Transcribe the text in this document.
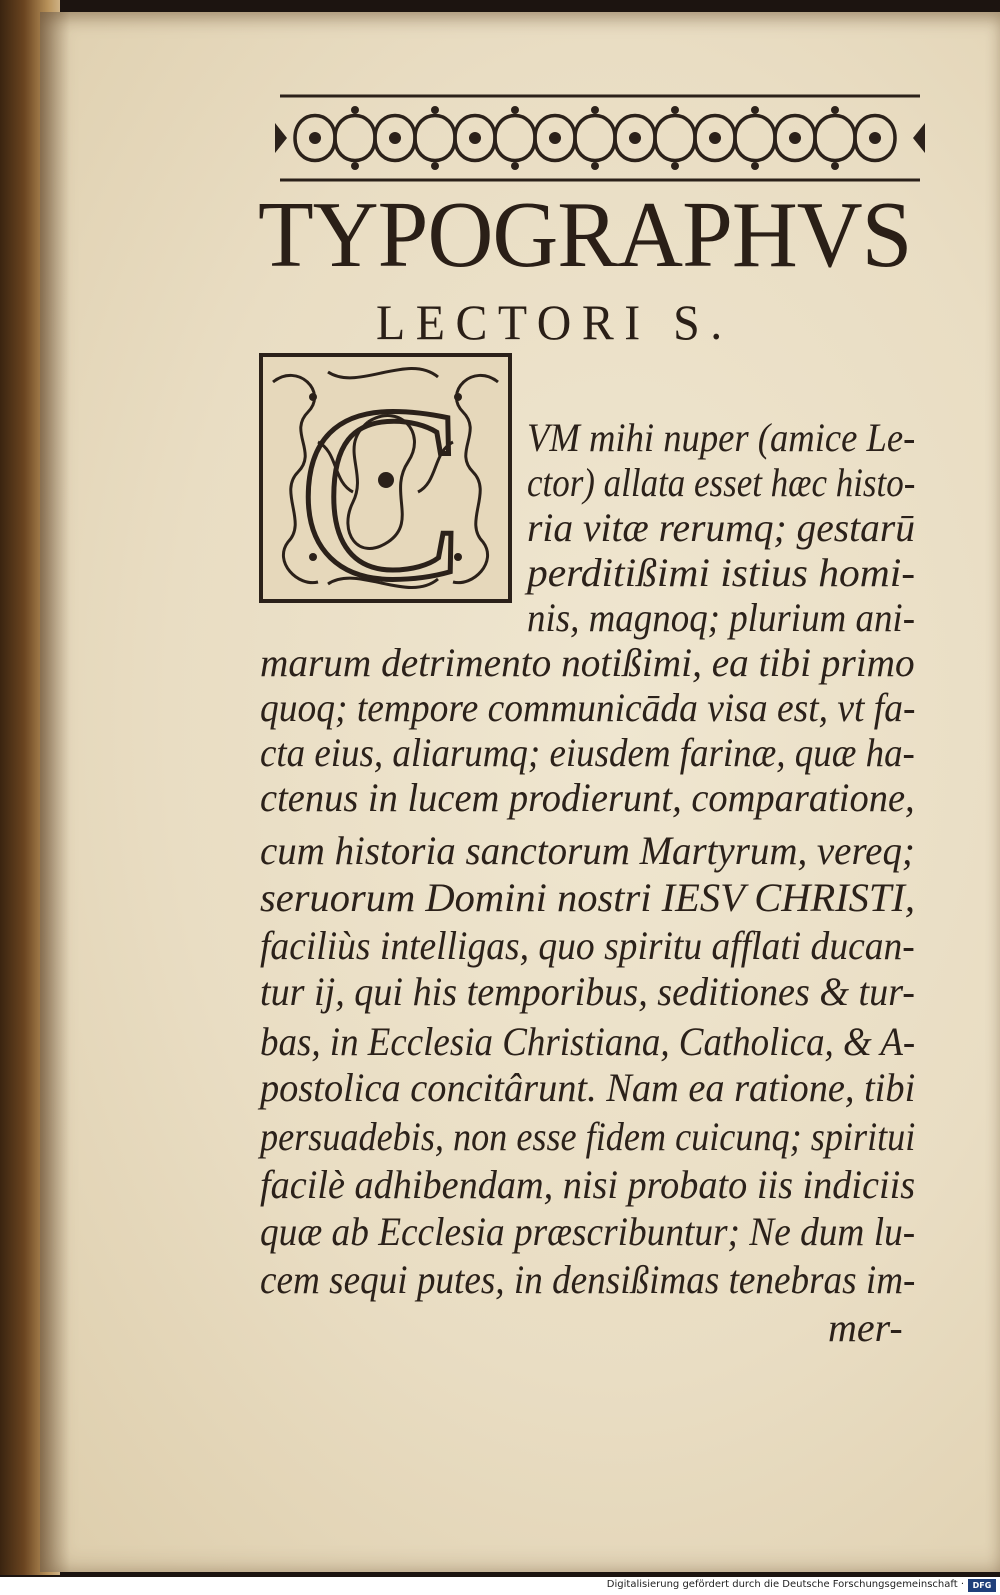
TYPOGRAPHVS
LECTORI S.
C VM mihi nuper (amice Le-
ctor) allata esset hæc histo-
ria vitæ rerumq; gestarū
perditißimi istius homi-
nis, magnoq; plurium ani-
marum detrimento notißimi, ea tibi primo
quoq; tempore communicāda visa est, vt fa-
cta eius, aliarumq; eiusdem farinæ, quæ ha-
ctenus in lucem prodierunt, comparatione,
cum historia sanctorum Martyrum, vereq;
seruorum Domini nostri IESV CHRISTI,
faciliùs intelligas, quo spiritu afflati ducan-
tur ij, qui his temporibus, seditiones & tur-
bas, in Ecclesia Christiana, Catholica, & A-
postolica concitârunt. Nam ea ratione, tibi
persuadebis, non esse fidem cuicunq; spiritui
facilè adhibendam, nisi probato iis indiciis
quæ ab Ecclesia præscribuntur; Ne dum lu-
cem sequi putes, in densißimas tenebras im-
mer-
Digitalisierung gefördert durch die Deutsche Forschungsgemeinschaft ·	DFG
